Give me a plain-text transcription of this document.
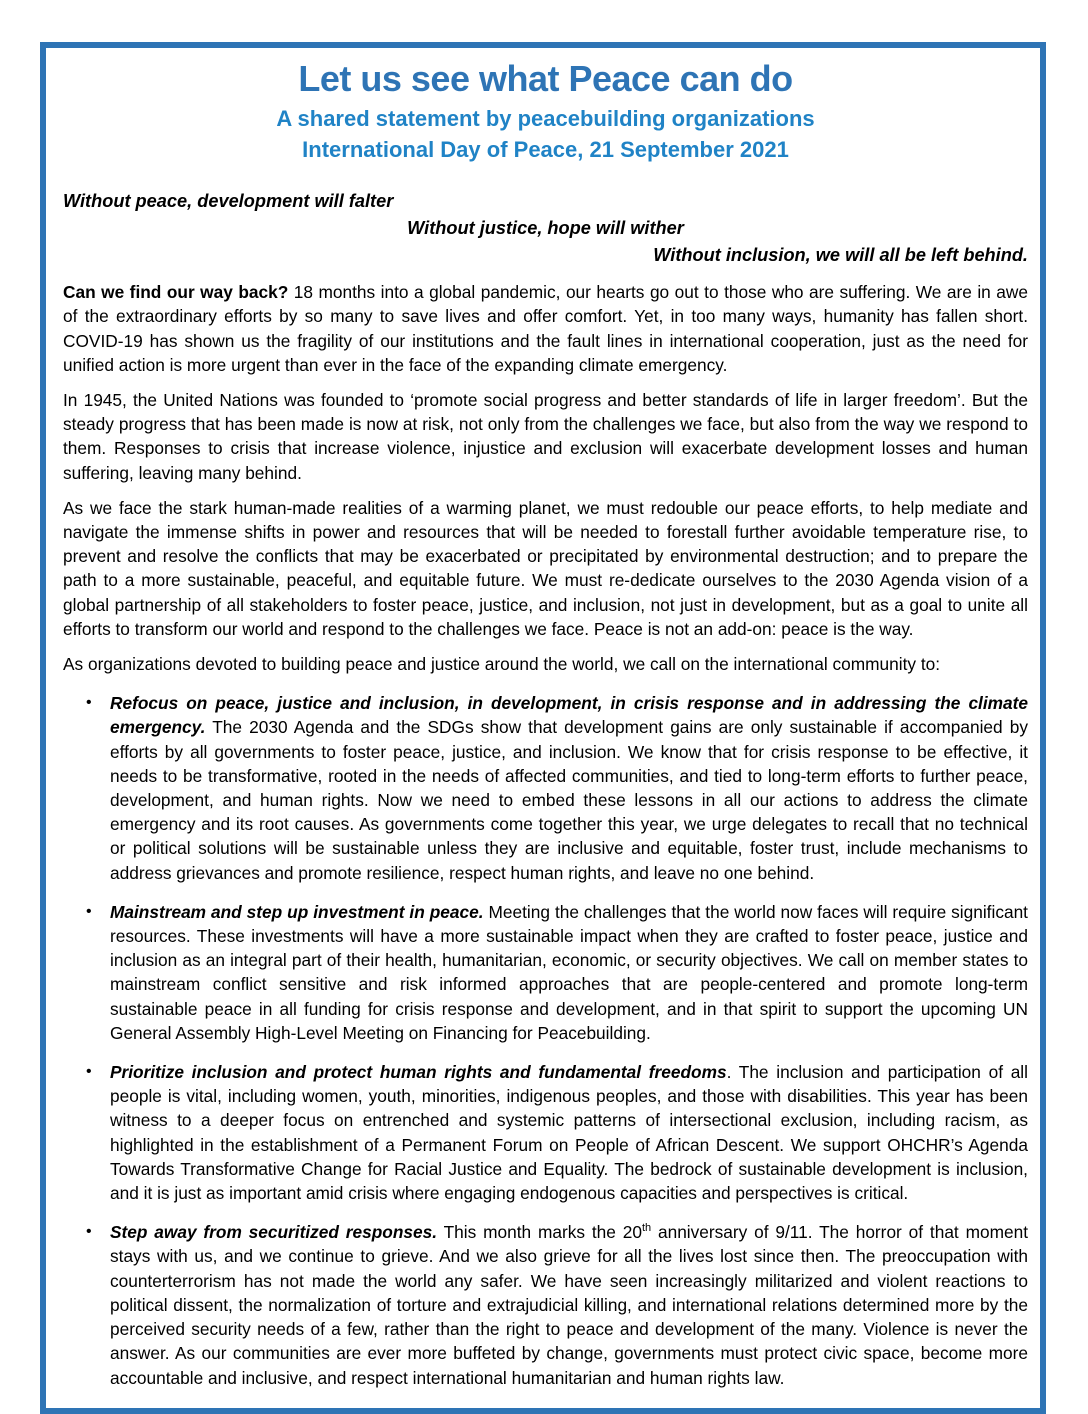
Let us see what Peace can do
A shared statement by peacebuilding organizations
International Day of Peace, 21 September 2021
Without peace, development will falter
Without justice, hope will wither
Without inclusion, we will all be left behind.

Can we find our way back? 18 months into a global pandemic, our hearts go out to those who are suffering. We are in awe of the extraordinary efforts by so many to save lives and offer comfort. Yet, in too many ways, humanity has fallen short. COVID-19 has shown us the fragility of our institutions and the fault lines in international cooperation, just as the need for unified action is more urgent than ever in the face of the expanding climate emergency.

In 1945, the United Nations was founded to ‘promote social progress and better standards of life in larger freedom’. But the steady progress that has been made is now at risk, not only from the challenges we face, but also from the way we respond to them. Responses to crisis that increase violence, injustice and exclusion will exacerbate development losses and human suffering, leaving many behind.

As we face the stark human-made realities of a warming planet, we must redouble our peace efforts, to help mediate and navigate the immense shifts in power and resources that will be needed to forestall further avoidable temperature rise, to prevent and resolve the conflicts that may be exacerbated or precipitated by environmental destruction; and to prepare the path to a more sustainable, peaceful, and equitable future. We must re-dedicate ourselves to the 2030 Agenda vision of a global partnership of all stakeholders to foster peace, justice, and inclusion, not just in development, but as a goal to unite all efforts to transform our world and respond to the challenges we face. Peace is not an add-on: peace is the way.

As organizations devoted to building peace and justice around the world, we call on the international community to:

• Refocus on peace, justice and inclusion, in development, in crisis response and in addressing the climate emergency. The 2030 Agenda and the SDGs show that development gains are only sustainable if accompanied by efforts by all governments to foster peace, justice, and inclusion. We know that for crisis response to be effective, it needs to be transformative, rooted in the needs of affected communities, and tied to long-term efforts to further peace, development, and human rights. Now we need to embed these lessons in all our actions to address the climate emergency and its root causes. As governments come together this year, we urge delegates to recall that no technical or political solutions will be sustainable unless they are inclusive and equitable, foster trust, include mechanisms to address grievances and promote resilience, respect human rights, and leave no one behind.
• Mainstream and step up investment in peace. Meeting the challenges that the world now faces will require significant resources. These investments will have a more sustainable impact when they are crafted to foster peace, justice and inclusion as an integral part of their health, humanitarian, economic, or security objectives. We call on member states to mainstream conflict sensitive and risk informed approaches that are people-centered and promote long-term sustainable peace in all funding for crisis response and development, and in that spirit to support the upcoming UN General Assembly High-Level Meeting on Financing for Peacebuilding.
• Prioritize inclusion and protect human rights and fundamental freedoms. The inclusion and participation of all people is vital, including women, youth, minorities, indigenous peoples, and those with disabilities. This year has been witness to a deeper focus on entrenched and systemic patterns of intersectional exclusion, including racism, as highlighted in the establishment of a Permanent Forum on People of African Descent. We support OHCHR’s Agenda Towards Transformative Change for Racial Justice and Equality. The bedrock of sustainable development is inclusion, and it is just as important amid crisis where engaging endogenous capacities and perspectives is critical.
• Step away from securitized responses. This month marks the 20th anniversary of 9/11. The horror of that moment stays with us, and we continue to grieve. And we also grieve for all the lives lost since then. The preoccupation with counterterrorism has not made the world any safer. We have seen increasingly militarized and violent reactions to political dissent, the normalization of torture and extrajudicial killing, and international relations determined more by the perceived security needs of a few, rather than the right to peace and development of the many. Violence is never the answer. As our communities are ever more buffeted by change, governments must protect civic space, become more accountable and inclusive, and respect international humanitarian and human rights law.
